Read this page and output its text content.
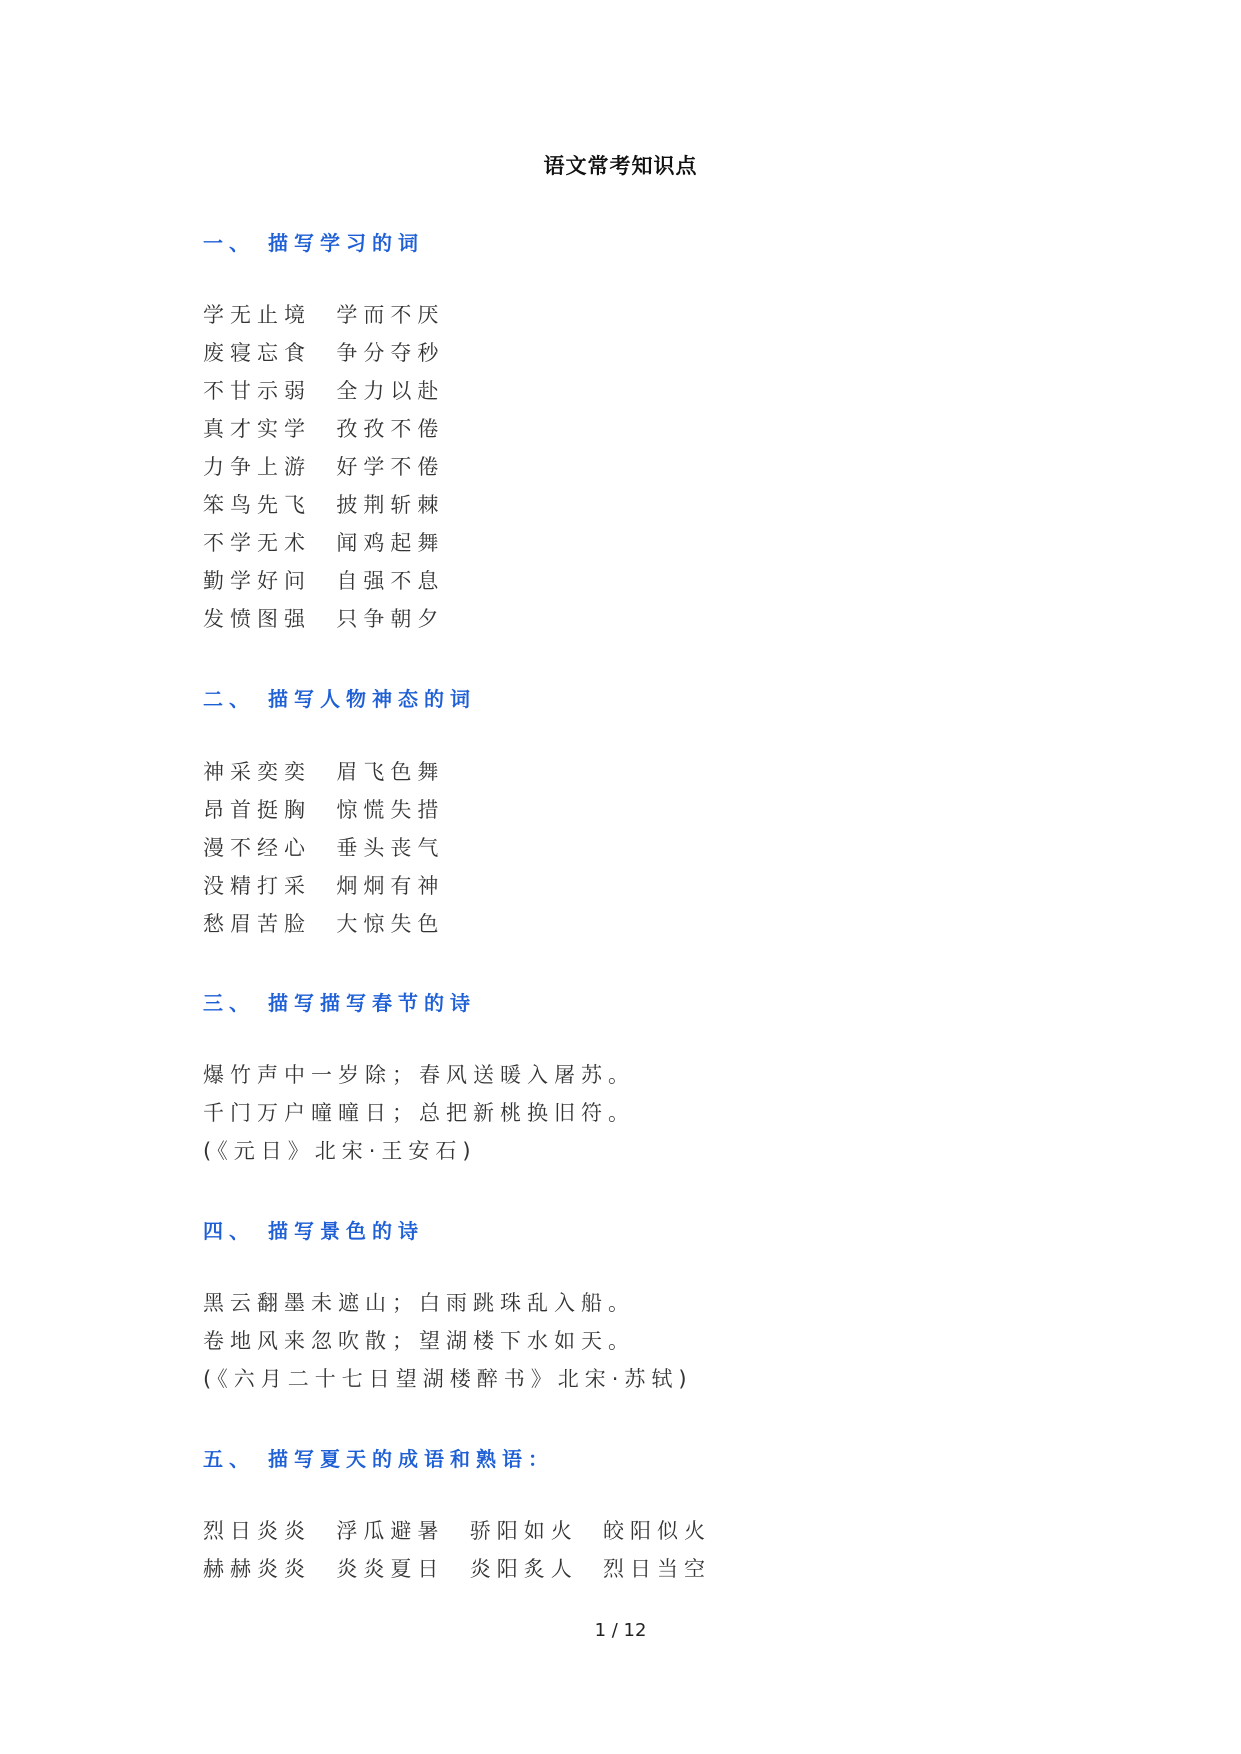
语文常考知识点
一、 描写学习的词
学无止境  学而不厌
废寝忘食  争分夺秒
不甘示弱  全力以赴
真才实学  孜孜不倦
力争上游  好学不倦
笨鸟先飞  披荆斩棘
不学无术  闻鸡起舞
勤学好问  自强不息
发愤图强  只争朝夕
二、 描写人物神态的词
神采奕奕  眉飞色舞
昂首挺胸  惊慌失措
漫不经心  垂头丧气
没精打采  炯炯有神
愁眉苦脸  大惊失色
三、 描写描写春节的诗
爆竹声中一岁除；春风送暖入屠苏。
千门万户曈曈日；总把新桃换旧符。
(《元日》北宋·王安石)
四、 描写景色的诗
黑云翻墨未遮山；白雨跳珠乱入船。
卷地风来忽吹散；望湖楼下水如天。
(《六月二十七日望湖楼醉书》北宋·苏轼)
五、 描写夏天的成语和熟语：
烈日炎炎  浮瓜避暑  骄阳如火  皎阳似火
赫赫炎炎  炎炎夏日  炎阳炙人  烈日当空
1 / 12
